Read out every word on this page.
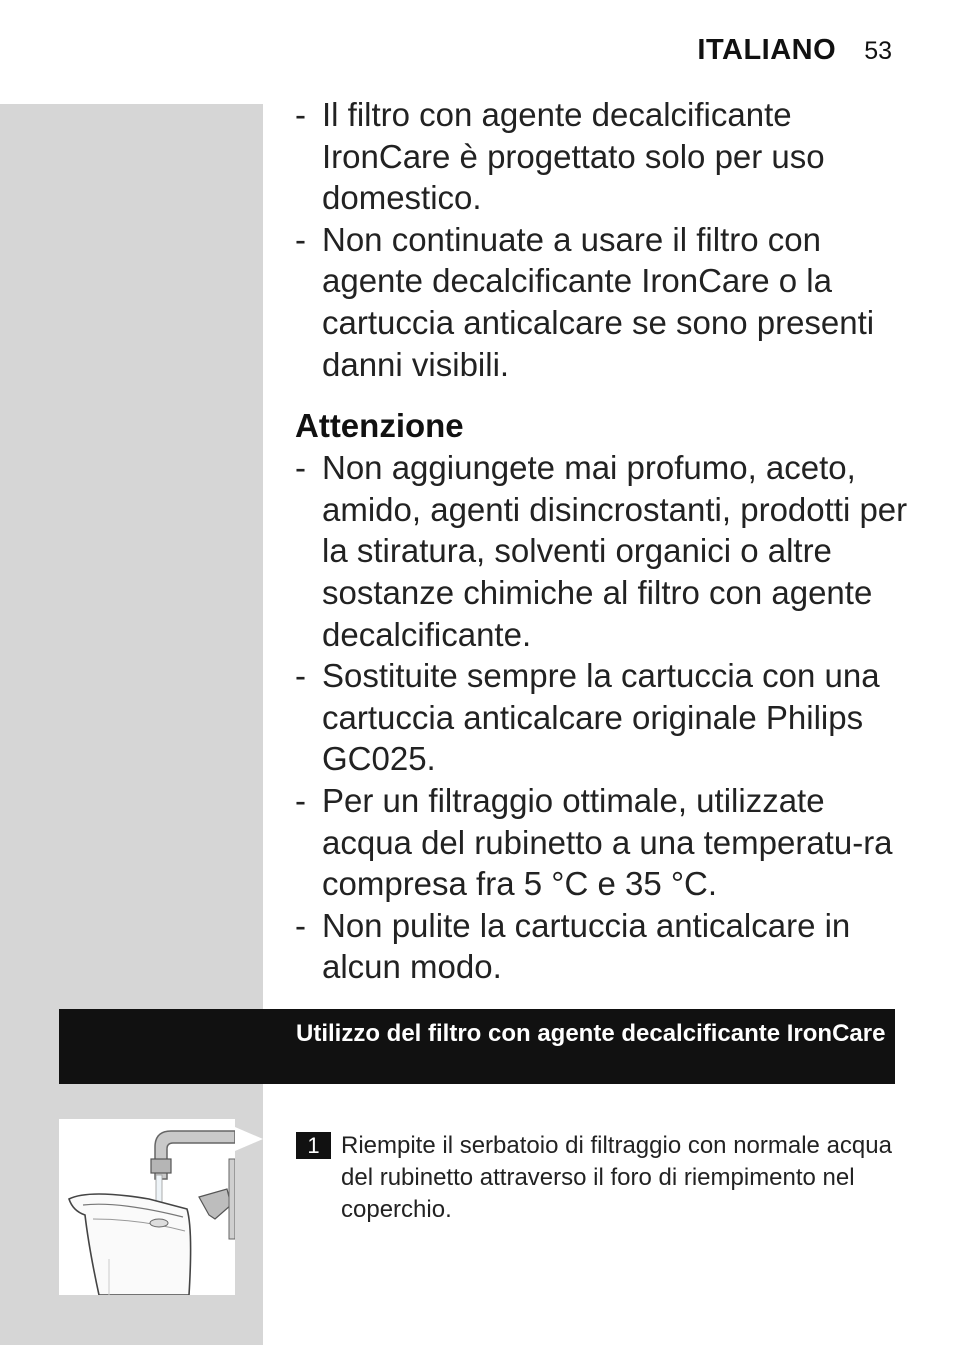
ITALIANO 53
- Il filtro con agente decalcificante IronCare è progettato solo per uso domestico.
- Non continuate a usare il filtro con agente decalcificante IronCare o la cartuccia anticalcare se sono presenti danni visibili.
Attenzione
- Non aggiungete mai profumo, aceto, amido, agenti disincrostanti, prodotti per la stiratura, solventi organici o altre sostanze chimiche al filtro con agente decalcificante.
- Sostituite sempre la cartuccia con una cartuccia anticalcare originale Philips GC025.
- Per un filtraggio ottimale, utilizzate acqua del rubinetto a una temperatu-ra compresa fra 5 °C e 35 °C.
- Non pulite la cartuccia anticalcare in alcun modo.
Utilizzo del filtro con agente decalcificante IronCare
1 Riempite il serbatoio di filtraggio con normale acqua del rubinetto attraverso il foro di riempimento nel coperchio.
